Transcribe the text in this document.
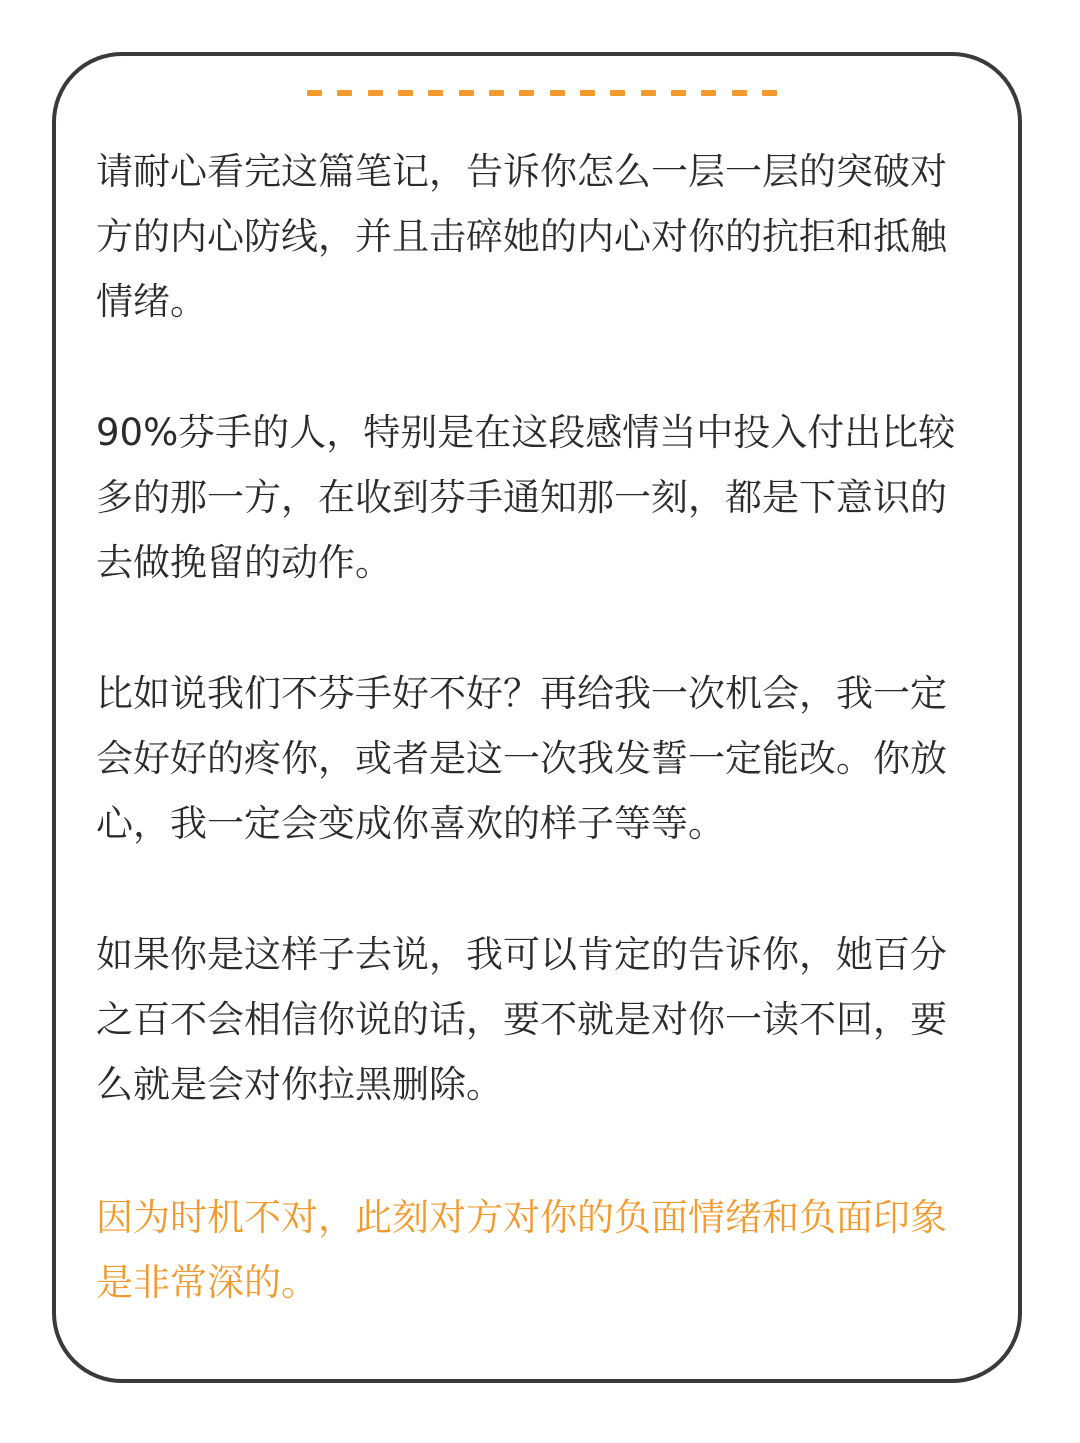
请耐心看完这篇笔记，告诉你怎么一层一层的突破对方的内心防线，并且击碎她的内心对你的抗拒和抵触情绪。
90%芬手的人，特别是在这段感情当中投入付出比较多的那一方，在收到芬手通知那一刻，都是下意识的去做挽留的动作。
比如说我们不芬手好不好？再给我一次机会，我一定会好好的疼你，或者是这一次我发誓一定能改。你放心，我一定会变成你喜欢的样子等等。
如果你是这样子去说，我可以肯定的告诉你，她百分之百不会相信你说的话，要不就是对你一读不回，要么就是会对你拉黑删除。
因为时机不对，此刻对方对你的负面情绪和负面印象是非常深的。
